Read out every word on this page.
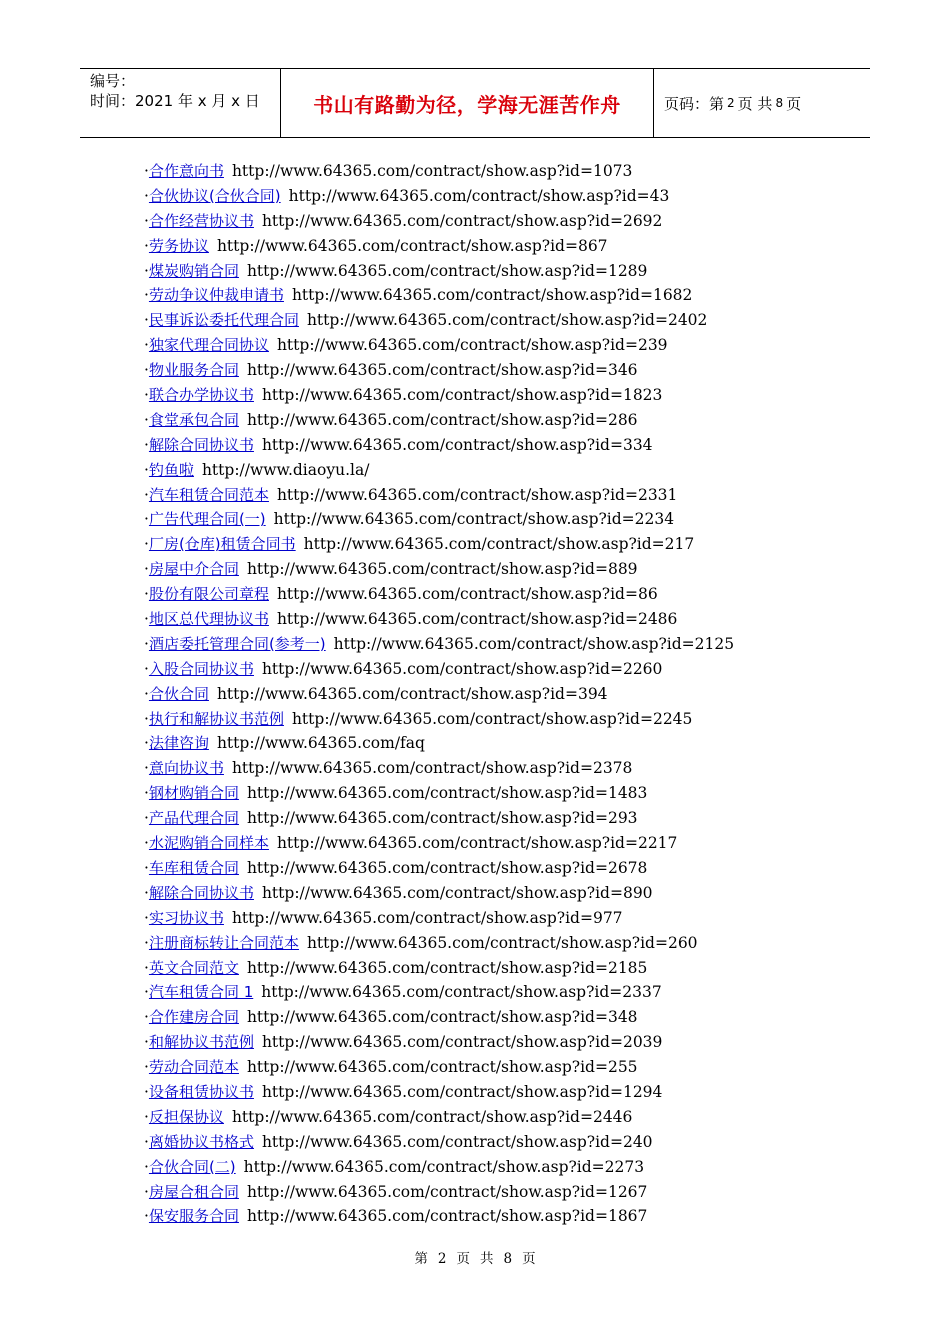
编号：
时间：2021 年 x 月 x 日	书山有路勤为径，学海无涯苦作舟	页码：第 2 页 共 8 页
·合作意向书 http://www.64365.com/contract/show.asp?id=1073
·合伙协议(合伙合同) http://www.64365.com/contract/show.asp?id=43
·合作经营协议书 http://www.64365.com/contract/show.asp?id=2692
·劳务协议 http://www.64365.com/contract/show.asp?id=867
·煤炭购销合同 http://www.64365.com/contract/show.asp?id=1289
·劳动争议仲裁申请书 http://www.64365.com/contract/show.asp?id=1682
·民事诉讼委托代理合同 http://www.64365.com/contract/show.asp?id=2402
·独家代理合同协议 http://www.64365.com/contract/show.asp?id=239
·物业服务合同 http://www.64365.com/contract/show.asp?id=346
·联合办学协议书 http://www.64365.com/contract/show.asp?id=1823
·食堂承包合同 http://www.64365.com/contract/show.asp?id=286
·解除合同协议书 http://www.64365.com/contract/show.asp?id=334
·钓鱼啦 http://www.diaoyu.la/
·汽车租赁合同范本 http://www.64365.com/contract/show.asp?id=2331
·广告代理合同(一) http://www.64365.com/contract/show.asp?id=2234
·厂房(仓库)租赁合同书 http://www.64365.com/contract/show.asp?id=217
·房屋中介合同 http://www.64365.com/contract/show.asp?id=889
·股份有限公司章程 http://www.64365.com/contract/show.asp?id=86
·地区总代理协议书 http://www.64365.com/contract/show.asp?id=2486
·酒店委托管理合同(参考一) http://www.64365.com/contract/show.asp?id=2125
·入股合同协议书 http://www.64365.com/contract/show.asp?id=2260
·合伙合同 http://www.64365.com/contract/show.asp?id=394
·执行和解协议书范例 http://www.64365.com/contract/show.asp?id=2245
·法律咨询 http://www.64365.com/faq
·意向协议书 http://www.64365.com/contract/show.asp?id=2378
·钢材购销合同 http://www.64365.com/contract/show.asp?id=1483
·产品代理合同 http://www.64365.com/contract/show.asp?id=293
·水泥购销合同样本 http://www.64365.com/contract/show.asp?id=2217
·车库租赁合同 http://www.64365.com/contract/show.asp?id=2678
·解除合同协议书 http://www.64365.com/contract/show.asp?id=890
·实习协议书 http://www.64365.com/contract/show.asp?id=977
·注册商标转让合同范本 http://www.64365.com/contract/show.asp?id=260
·英文合同范文 http://www.64365.com/contract/show.asp?id=2185
·汽车租赁合同 1 http://www.64365.com/contract/show.asp?id=2337
·合作建房合同 http://www.64365.com/contract/show.asp?id=348
·和解协议书范例 http://www.64365.com/contract/show.asp?id=2039
·劳动合同范本 http://www.64365.com/contract/show.asp?id=255
·设备租赁协议书 http://www.64365.com/contract/show.asp?id=1294
·反担保协议 http://www.64365.com/contract/show.asp?id=2446
·离婚协议书格式 http://www.64365.com/contract/show.asp?id=240
·合伙合同(二) http://www.64365.com/contract/show.asp?id=2273
·房屋合租合同 http://www.64365.com/contract/show.asp?id=1267
·保安服务合同 http://www.64365.com/contract/show.asp?id=1867
第 2 页 共 8 页
